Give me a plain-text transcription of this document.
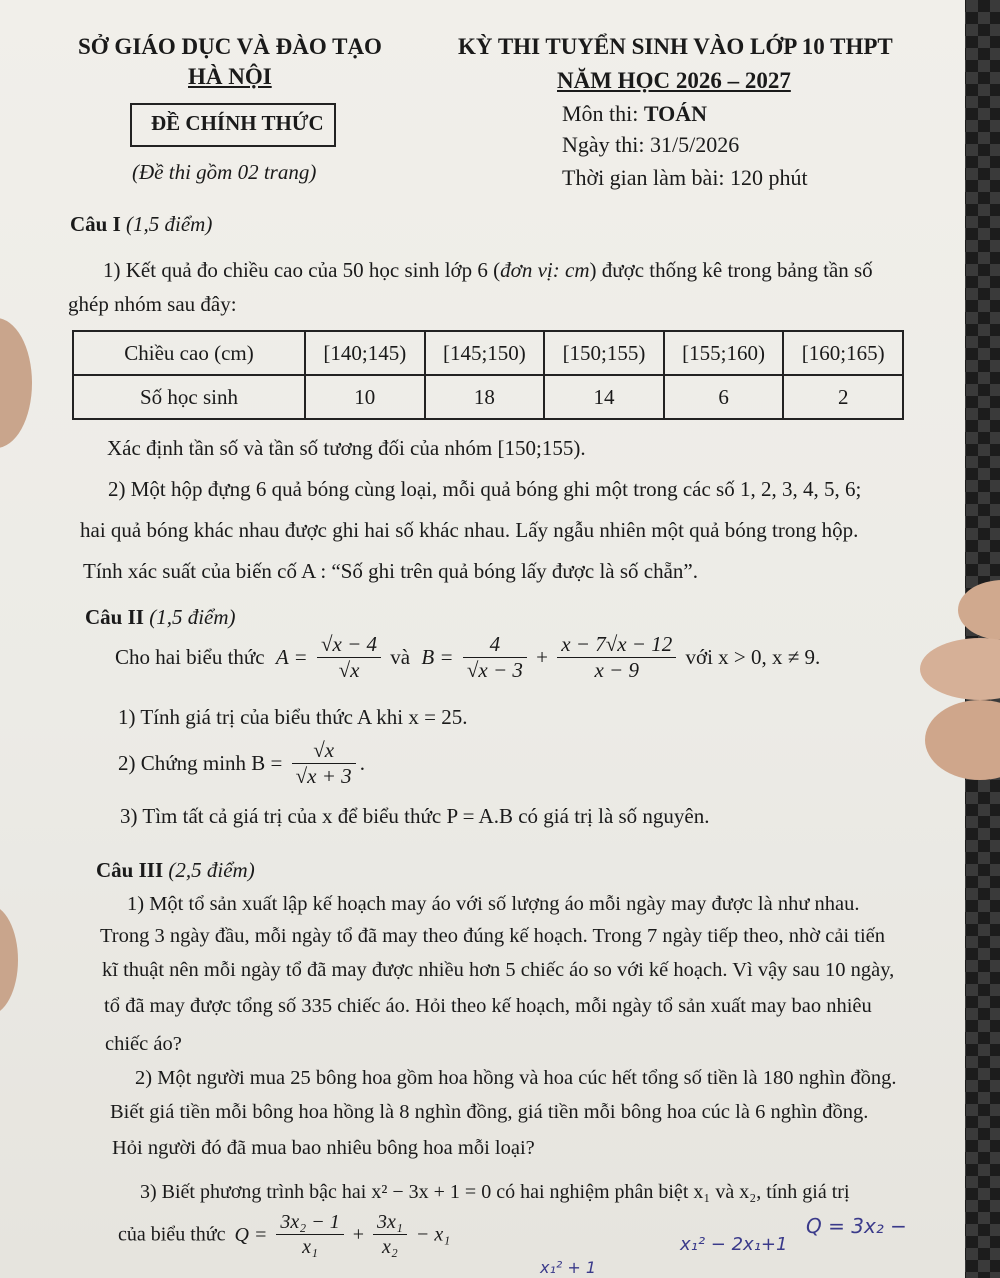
SỞ GIÁO DỤC VÀ ĐÀO TẠO
HÀ NỘI
ĐỀ CHÍNH THỨC
(Đề thi gồm 02 trang)
KỲ THI TUYỂN SINH VÀO LỚP 10 THPT
NĂM HỌC 2026 – 2027
Môn thi: TOÁN
Ngày thi: 31/5/2026
Thời gian làm bài: 120 phút
Câu I (1,5 điểm)
1) Kết quả đo chiều cao của 50 học sinh lớp 6 (đơn vị: cm) được thống kê trong bảng tần số
ghép nhóm sau đây:
Chiều cao (cm)	[140;145)	[145;150)	[150;155)	[155;160)	[160;165)
Số học sinh	10	18	14	6	2
Xác định tần số và tần số tương đối của nhóm [150;155).
2) Một hộp đựng 6 quả bóng cùng loại, mỗi quả bóng ghi một trong các số 1, 2, 3, 4, 5, 6;
hai quả bóng khác nhau được ghi hai số khác nhau. Lấy ngẫu nhiên một quả bóng trong hộp.
Tính xác suất của biến cố A : “Số ghi trên quả bóng lấy được là số chẵn”.
Câu II (1,5 điểm)
Cho hai biểu thức $A = \frac{√x - 4}{√x}$ và $B = \frac{4}{√x - 3} + \frac{x - 7√x - 12}{x - 9}$ với x > 0, x ≠ 9.
1) Tính giá trị của biểu thức A khi x = 25.
2) Chứng minh $B = \frac{√x}{√x + 3}$ .
3) Tìm tất cả giá trị của x để biểu thức P = A.B có giá trị là số nguyên.
Câu III (2,5 điểm)
1) Một tổ sản xuất lập kế hoạch may áo với số lượng áo mỗi ngày may được là như nhau.
Trong 3 ngày đầu, mỗi ngày tổ đã may theo đúng kế hoạch. Trong 7 ngày tiếp theo, nhờ cải tiến
kĩ thuật nên mỗi ngày tổ đã may được nhiều hơn 5 chiếc áo so với kế hoạch. Vì vậy sau 10 ngày,
tổ đã may được tổng số 335 chiếc áo. Hỏi theo kế hoạch, mỗi ngày tổ sản xuất may bao nhiêu
chiếc áo?
2) Một người mua 25 bông hoa gồm hoa hồng và hoa cúc hết tổng số tiền là 180 nghìn đồng.
Biết giá tiền mỗi bông hoa hồng là 8 nghìn đồng, giá tiền mỗi bông hoa cúc là 6 nghìn đồng.
Hỏi người đó đã mua bao nhiêu bông hoa mỗi loại?
3) Biết phương trình bậc hai x² − 3x + 1 = 0 có hai nghiệm phân biệt x₁ và x₂, tính giá trị
của biểu thức $Q = \frac{\text{3x₂ − 1}}{\text{x₁}} + \frac{\text{3x₁}}{\text{x₂}} - x_1$	x₁² − 2x₁+1
Q = 3x₂ −
x₁² + 1
